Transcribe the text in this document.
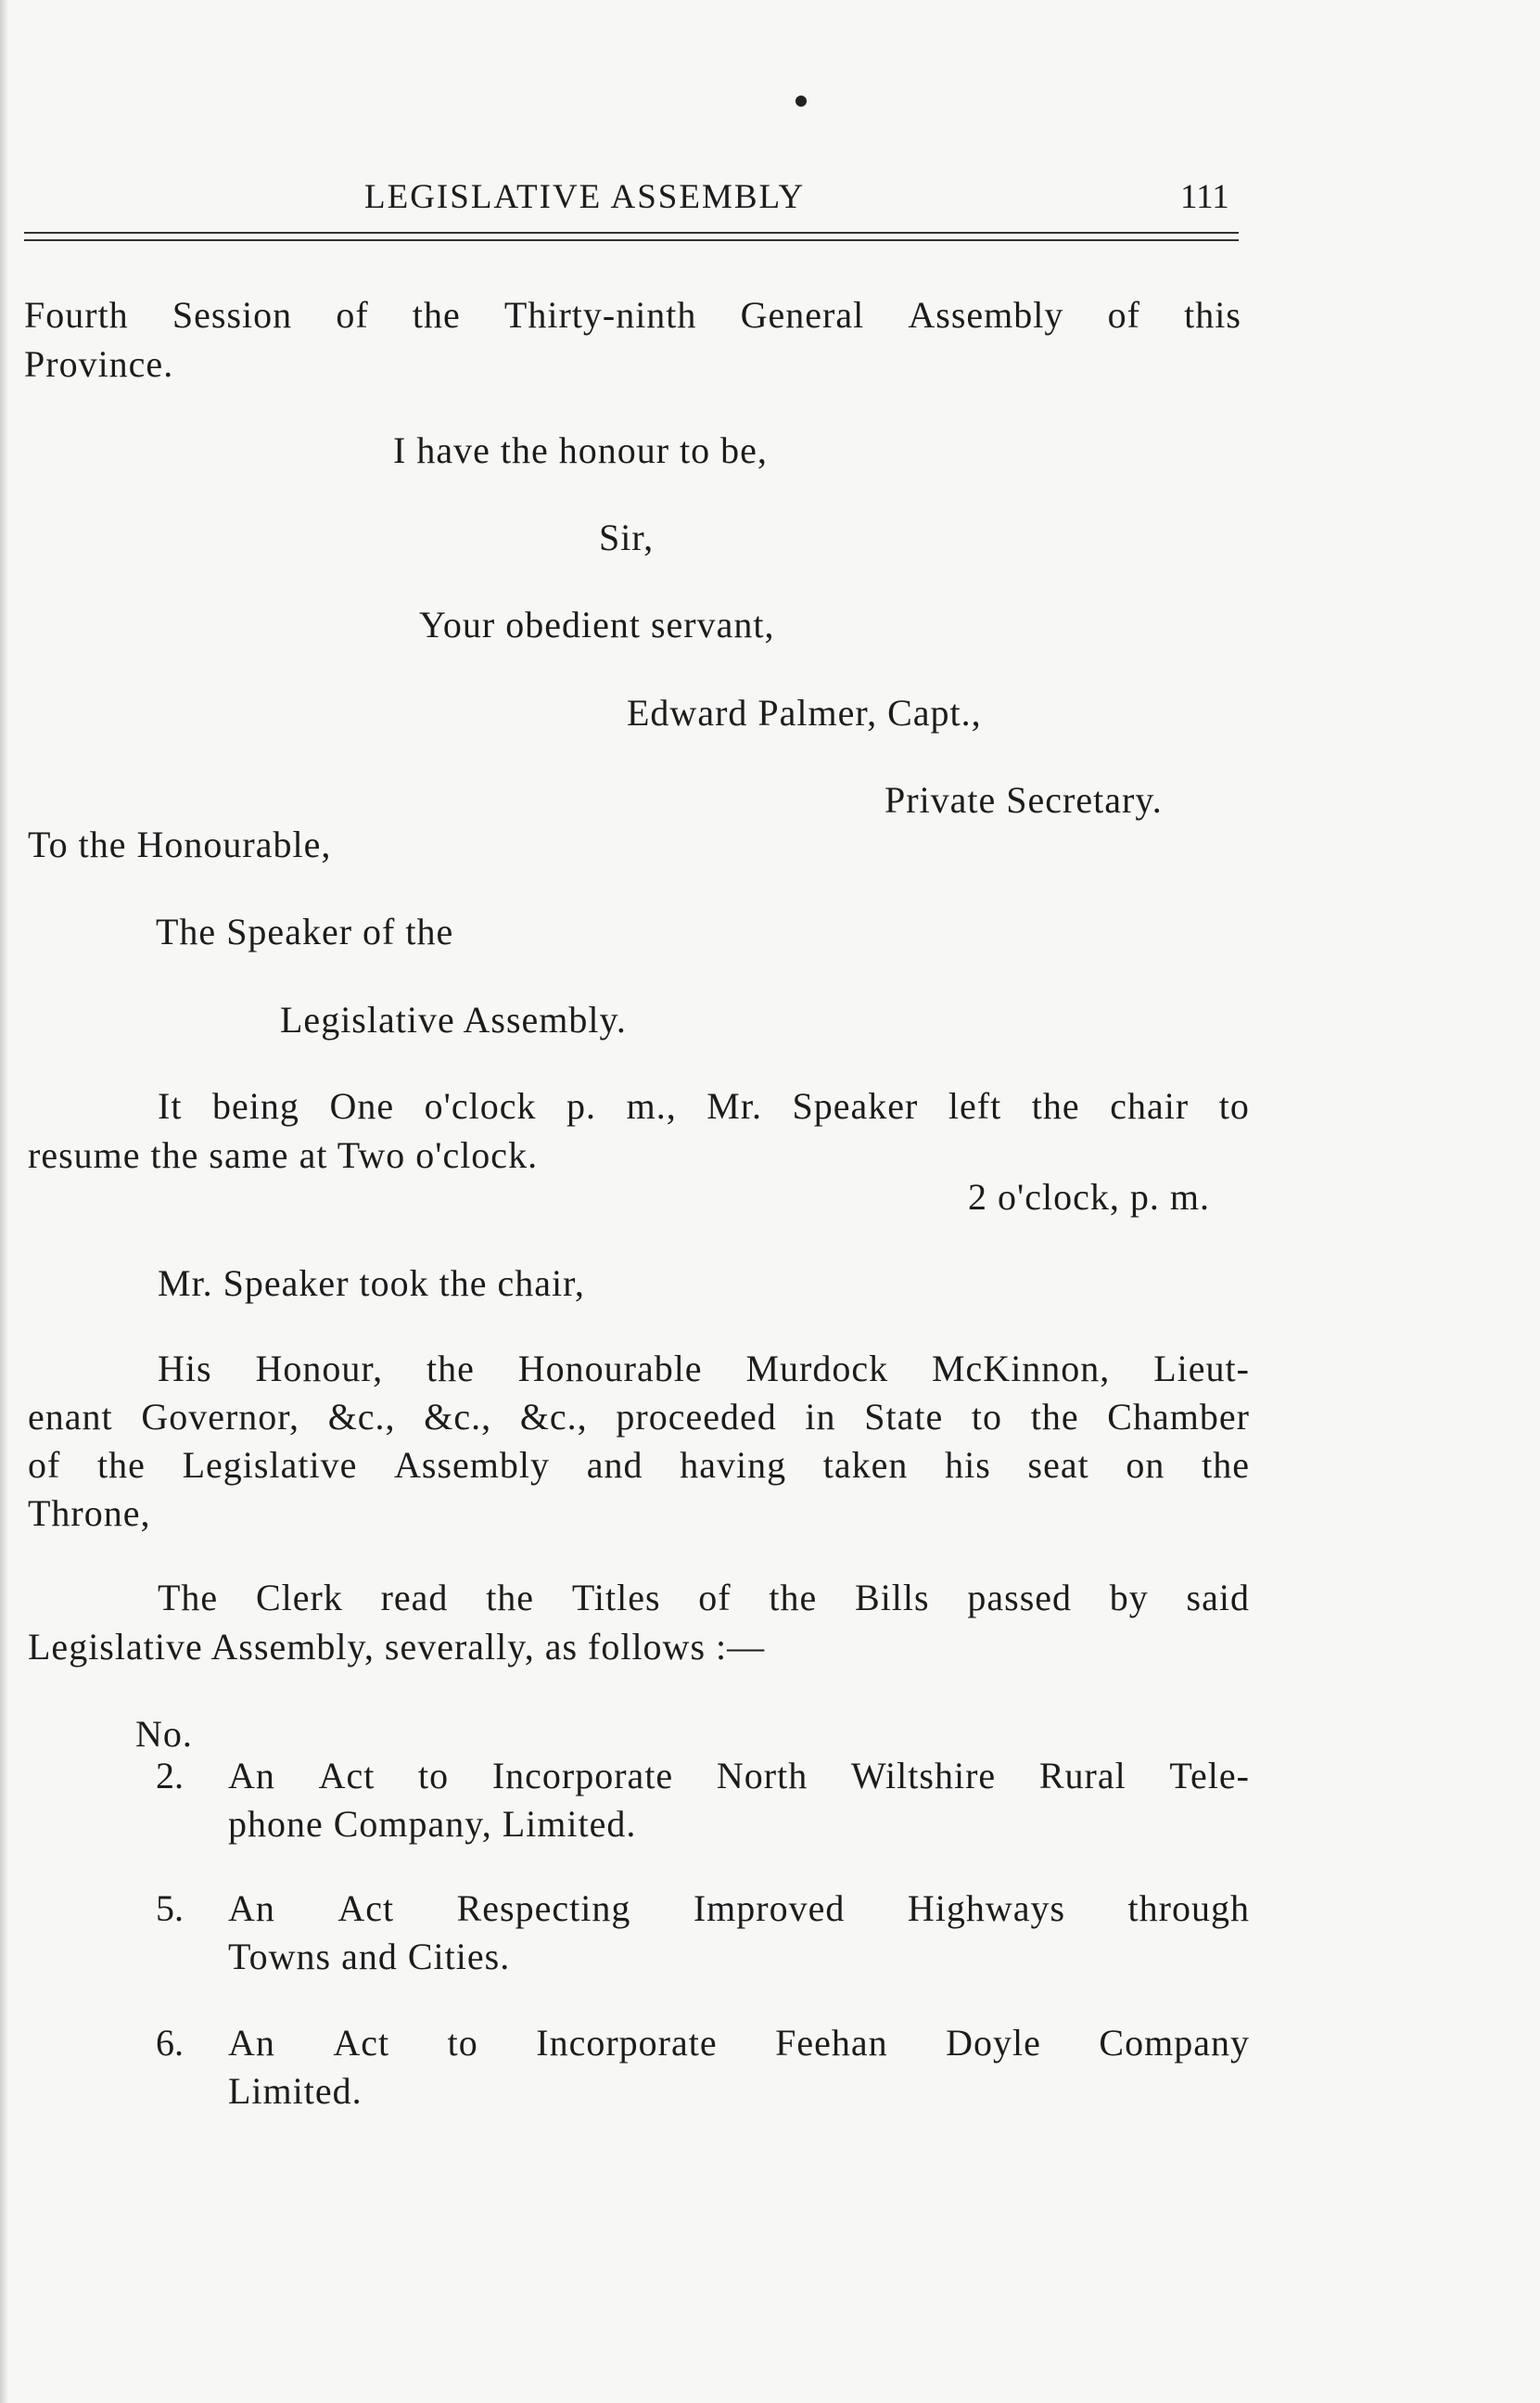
LEGISLATIVE ASSEMBLY	111
Fourth Session of the Thirty-ninth General Assembly of this
Province.
I have the honour to be,
Sir,
Your obedient servant,
Edward Palmer, Capt.,
Private Secretary.
To the Honourable,
The Speaker of the
Legislative Assembly.
It being One o'clock p. m., Mr. Speaker left the chair to
resume the same at Two o'clock.
2 o'clock, p. m.
Mr. Speaker took the chair,
His Honour, the Honourable Murdock McKinnon, Lieut-
enant Governor, &c., &c., &c., proceeded in State to the Chamber
of the Legislative Assembly and having taken his seat on the
Throne,
The Clerk read the Titles of the Bills passed by said
Legislative Assembly, severally, as follows :—
No.
2. An Act to Incorporate North Wiltshire Rural Tele-
phone Company, Limited.
5. An Act Respecting Improved Highways through
Towns and Cities.
6. An Act to Incorporate Feehan Doyle Company
Limited.
